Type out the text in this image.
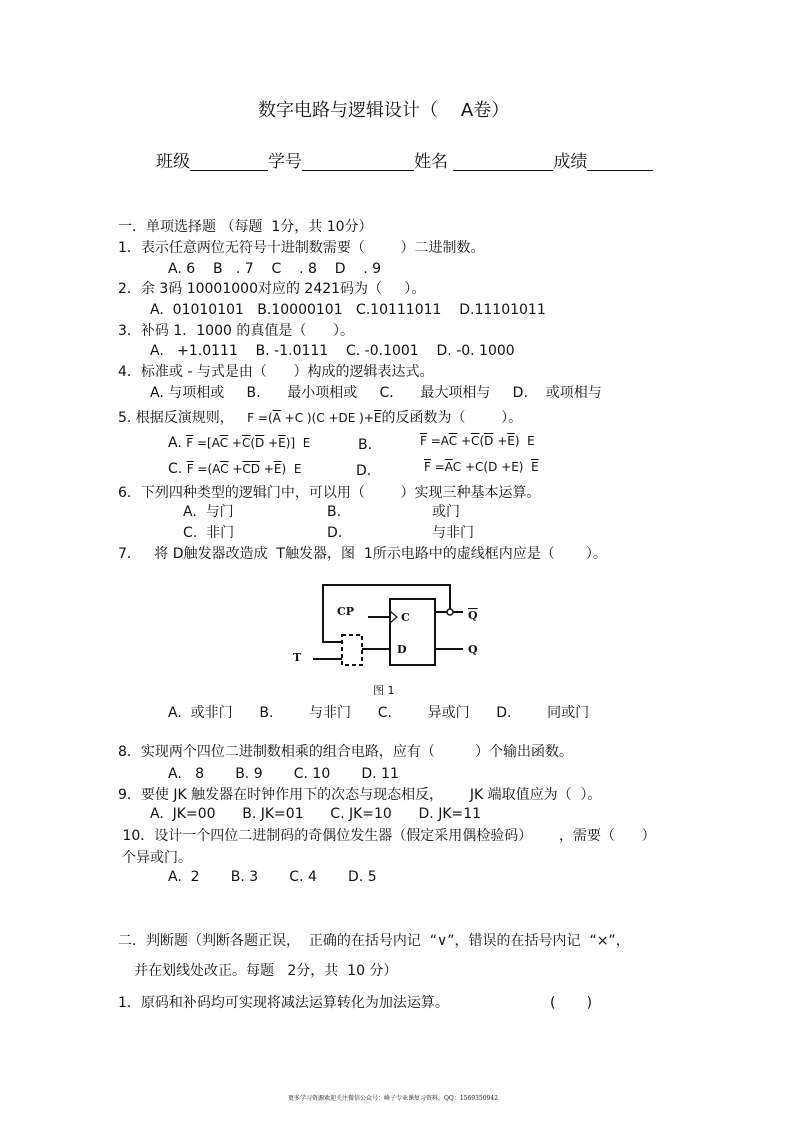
数字电路与逻辑设计（    A卷）
班级	学号	姓名	成绩
一．单项选择题 （每题  1分，共 10分）
1．表示任意两位无符号十进制数需要（        ）二进制数。
A. 6    B   . 7    C    . 8    D    . 9
2．余 3码 10001000对应的 2421码为（     ）。
A.  01010101   B.10000101   C.10111011    D.11101011
3．补码 1．1000 的真值是（      ）。
A.   +1.0111    B. -1.0111    C. -0.1001    D. -0. 1000
4．标准或 - 与式是由（      ）构成的逻辑表达式。
A. 与项相或     B.      最小项相或     C.      最大项相与     D.    或项相与
5. 根据反演规则， $F =(\overline{A} +C$ )(C +DE )$+\overline{E}$的反函数为（        ）。
A. $\overline{F} =[A\overline{C} +\overline{C}(\overline{D} +\overline{E})]$  E	B.	$\overline{F} =A\overline{C} +\overline{C}(\overline{D} +\overline{E})$  E
C. $\overline{F} =(A\overline{C} +\overline{CD} +\overline{E})$  E	D.	$\overline{F} =\overline{A}C +C(D +E)$  $\overline{E}$
6．下列四种类型的逻辑门中，可以用（        ）实现三种基本运算。
A.  与门	B.	或门
C.  非门	D.	与非门
7．   将 D触发器改造成  T触发器，图  1所示电路中的虚线框内应是（       ）。
CP	C
D
T
Q
Q
图 1
A.  或非门      B.        与非门      C.        异或门      D.        同或门
8．实现两个四位二进制数相乘的组合电路，应有（         ）个输出函数。
A.   8       B. 9       C. 10       D. 11
9．要使 JK 触发器在时钟作用下的次态与现态相反，      JK 端取值应为（  ）。
A.  JK=00      B. JK=01      C. JK=10      D. JK=11
10．设计一个四位二进制码的奇偶位发生器（假定采用偶检验码）      ，需要（      ）
个异或门。
A.  2       B. 3       C. 4       D. 5
二．判断题（判断各题正误，  正确的在括号内记  “∨”，错误的在括号内记  “×”，
并在划线处改正。每题   2分，共  10 分）
1．原码和补码均可实现将减法运算转化为加法运算。	(       )
更多学习资源欢迎关注微信公众号：峰子专业课复习资料，QQ：1569350942
